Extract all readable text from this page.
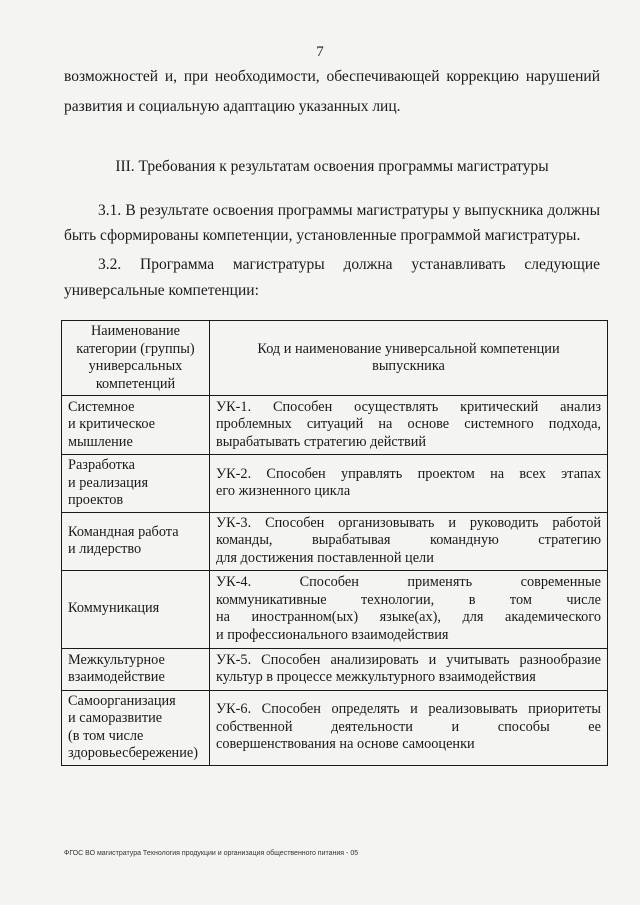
7
возможностей и, при необходимости, обеспечивающей коррекцию нарушений
развития и социальную адаптацию указанных лиц.
III. Требования к результатам освоения программы магистратуры
3.1. В результате освоения программы магистратуры у выпускника должны
быть сформированы компетенции, установленные программой магистратуры.
3.2. Программа магистратуры должна устанавливать следующие
универсальные компетенции:
Наименование
категории (группы)
универсальных
компетенций	Код и наименование универсальной компетенции
выпускника

Системное
и критическое
мышление	УК-1. Способен осуществлять критический анализ
проблемных ситуаций на основе системного подхода,
вырабатывать стратегию действий

Разработка
и реализация
проектов	УК-2. Способен управлять проектом на всех этапах
его жизненного цикла

Командная работа
и лидерство	УК-3. Способен организовывать и руководить работой
команды, вырабатывая командную стратегию
для достижения поставленной цели

Коммуникация	УК-4. Способен применять современные
коммуникативные технологии, в том числе
на иностранном(ых) языке(ах), для академического
и профессионального взаимодействия

Межкультурное
взаимодействие	УК-5. Способен анализировать и учитывать разнообразие
культур в процессе межкультурного взаимодействия

Самоорганизация
и саморазвитие
(в том числе
здоровьесбережение)	УК-6. Способен определять и реализовывать приоритеты
собственной деятельности и способы ее
совершенствования на основе самооценки
ФГОС ВО магистратура Технология продукции и организация общественного питания - 05
